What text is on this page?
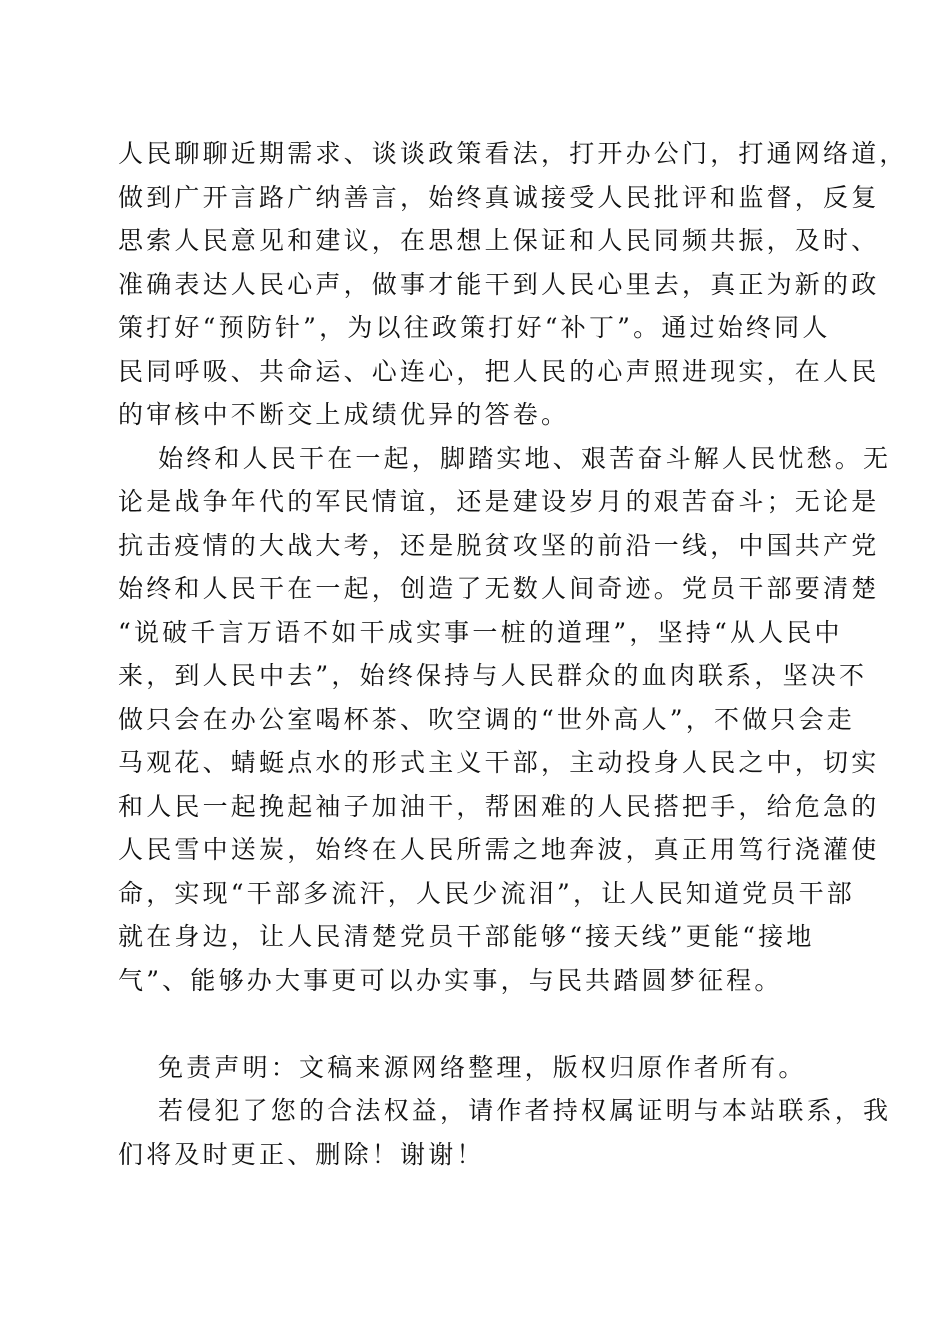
人民聊聊近期需求、谈谈政策看法，打开办公门，打通网络道，
做到广开言路广纳善言，始终真诚接受人民批评和监督，反复
思索人民意见和建议，在思想上保证和人民同频共振，及时、
准确表达人民心声，做事才能干到人民心里去，真正为新的政
策打好“预防针”，为以往政策打好“补丁”。通过始终同人
民同呼吸、共命运、心连心，把人民的心声照进现实，在人民
的审核中不断交上成绩优异的答卷。
始终和人民干在一起，脚踏实地、艰苦奋斗解人民忧愁。无
论是战争年代的军民情谊，还是建设岁月的艰苦奋斗；无论是
抗击疫情的大战大考，还是脱贫攻坚的前沿一线，中国共产党
始终和人民干在一起，创造了无数人间奇迹。党员干部要清楚
“说破千言万语不如干成实事一桩的道理”，坚持“从人民中
来，到人民中去”，始终保持与人民群众的血肉联系，坚决不
做只会在办公室喝杯茶、吹空调的“世外高人”，不做只会走
马观花、蜻蜓点水的形式主义干部，主动投身人民之中，切实
和人民一起挽起袖子加油干，帮困难的人民搭把手，给危急的
人民雪中送炭，始终在人民所需之地奔波，真正用笃行浇灌使
命，实现“干部多流汗，人民少流泪”，让人民知道党员干部
就在身边，让人民清楚党员干部能够“接天线”更能“接地
气”、能够办大事更可以办实事，与民共踏圆梦征程。
免责声明：文稿来源网络整理，版权归原作者所有。
若侵犯了您的合法权益，请作者持权属证明与本站联系，我
们将及时更正、删除！谢谢！
